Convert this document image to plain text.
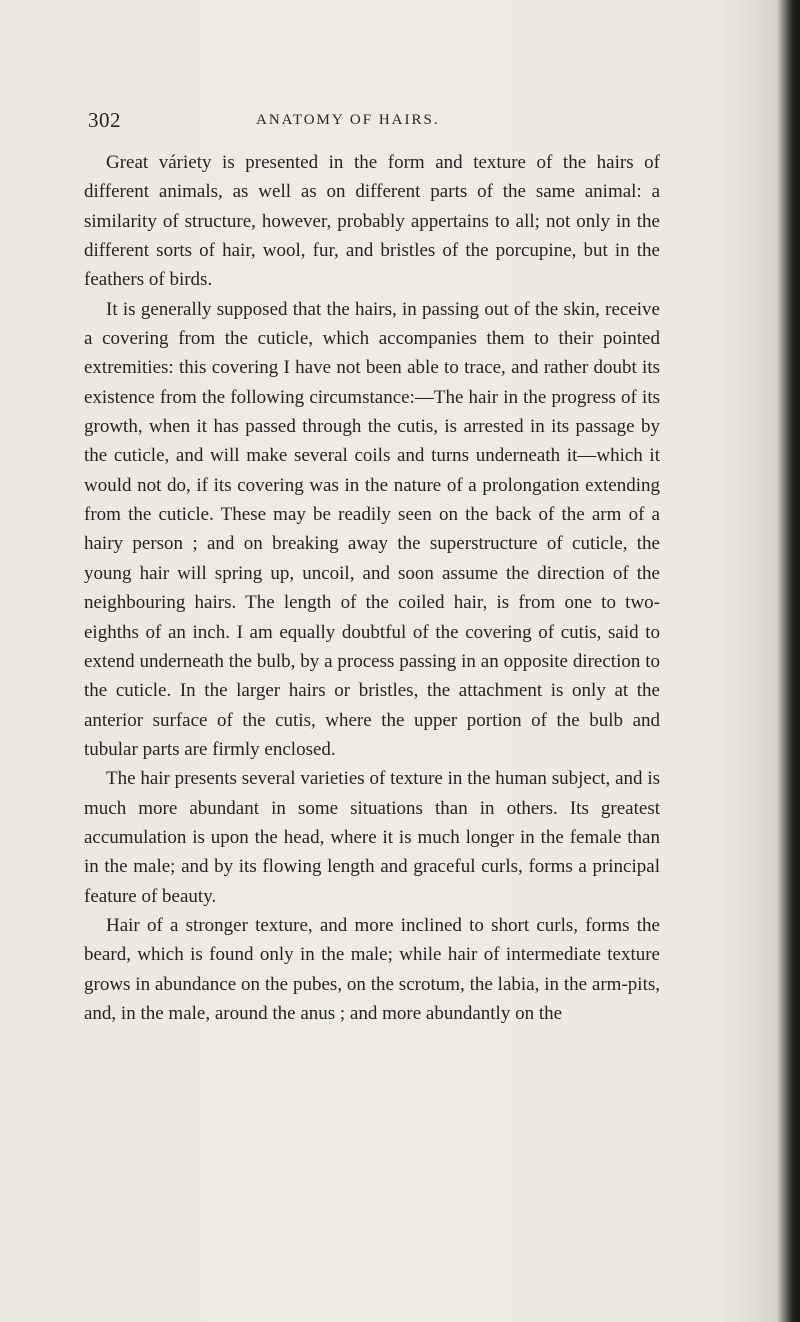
302	ANATOMY OF HAIRS.

Great váriety is presented in the form and texture of the hairs of different animals, as well as on different parts of the same animal: a similarity of structure, however, probably appertains to all; not only in the different sorts of hair, wool, fur, and bristles of the porcupine, but in the feathers of birds.

It is generally supposed that the hairs, in passing out of the skin, receive a covering from the cuticle, which accompanies them to their pointed extremities: this covering I have not been able to trace, and rather doubt its existence from the following circumstance:—The hair in the progress of its growth, when it has passed through the cutis, is arrested in its passage by the cuticle, and will make several coils and turns underneath it—which it would not do, if its covering was in the nature of a prolongation extending from the cuticle. These may be readily seen on the back of the arm of a hairy person ; and on breaking away the superstructure of cuticle, the young hair will spring up, uncoil, and soon assume the direction of the neighbouring hairs. The length of the coiled hair, is from one to two-eighths of an inch. I am equally doubtful of the covering of cutis, said to extend underneath the bulb, by a process passing in an opposite direction to the cuticle. In the larger hairs or bristles, the attachment is only at the anterior surface of the cutis, where the upper portion of the bulb and tubular parts are firmly enclosed.

The hair presents several varieties of texture in the human subject, and is much more abundant in some situations than in others. Its greatest accumulation is upon the head, where it is much longer in the female than in the male; and by its flowing length and graceful curls, forms a principal feature of beauty.

Hair of a stronger texture, and more inclined to short curls, forms the beard, which is found only in the male; while hair of intermediate texture grows in abundance on the pubes, on the scrotum, the labia, in the arm-pits, and, in the male, around the anus ; and more abundantly on the
